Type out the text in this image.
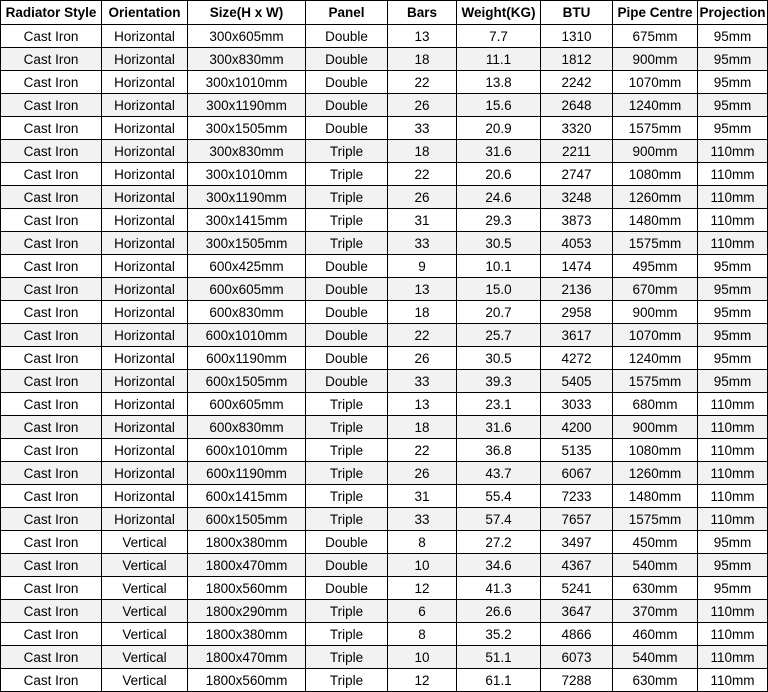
Radiator Style	Orientation	Size(H x W)	Panel	Bars	Weight(KG)	BTU	Pipe Centre	Projection
Cast Iron	Horizontal	300x605mm	Double	13	7.7	1310	675mm	95mm
Cast Iron	Horizontal	300x830mm	Double	18	11.1	1812	900mm	95mm
Cast Iron	Horizontal	300x1010mm	Double	22	13.8	2242	1070mm	95mm
Cast Iron	Horizontal	300x1190mm	Double	26	15.6	2648	1240mm	95mm
Cast Iron	Horizontal	300x1505mm	Double	33	20.9	3320	1575mm	95mm
Cast Iron	Horizontal	300x830mm	Triple	18	31.6	2211	900mm	110mm
Cast Iron	Horizontal	300x1010mm	Triple	22	20.6	2747	1080mm	110mm
Cast Iron	Horizontal	300x1190mm	Triple	26	24.6	3248	1260mm	110mm
Cast Iron	Horizontal	300x1415mm	Triple	31	29.3	3873	1480mm	110mm
Cast Iron	Horizontal	300x1505mm	Triple	33	30.5	4053	1575mm	110mm
Cast Iron	Horizontal	600x425mm	Double	9	10.1	1474	495mm	95mm
Cast Iron	Horizontal	600x605mm	Double	13	15.0	2136	670mm	95mm
Cast Iron	Horizontal	600x830mm	Double	18	20.7	2958	900mm	95mm
Cast Iron	Horizontal	600x1010mm	Double	22	25.7	3617	1070mm	95mm
Cast Iron	Horizontal	600x1190mm	Double	26	30.5	4272	1240mm	95mm
Cast Iron	Horizontal	600x1505mm	Double	33	39.3	5405	1575mm	95mm
Cast Iron	Horizontal	600x605mm	Triple	13	23.1	3033	680mm	110mm
Cast Iron	Horizontal	600x830mm	Triple	18	31.6	4200	900mm	110mm
Cast Iron	Horizontal	600x1010mm	Triple	22	36.8	5135	1080mm	110mm
Cast Iron	Horizontal	600x1190mm	Triple	26	43.7	6067	1260mm	110mm
Cast Iron	Horizontal	600x1415mm	Triple	31	55.4	7233	1480mm	110mm
Cast Iron	Horizontal	600x1505mm	Triple	33	57.4	7657	1575mm	110mm
Cast Iron	Vertical	1800x380mm	Double	8	27.2	3497	450mm	95mm
Cast Iron	Vertical	1800x470mm	Double	10	34.6	4367	540mm	95mm
Cast Iron	Vertical	1800x560mm	Double	12	41.3	5241	630mm	95mm
Cast Iron	Vertical	1800x290mm	Triple	6	26.6	3647	370mm	110mm
Cast Iron	Vertical	1800x380mm	Triple	8	35.2	4866	460mm	110mm
Cast Iron	Vertical	1800x470mm	Triple	10	51.1	6073	540mm	110mm
Cast Iron	Vertical	1800x560mm	Triple	12	61.1	7288	630mm	110mm
